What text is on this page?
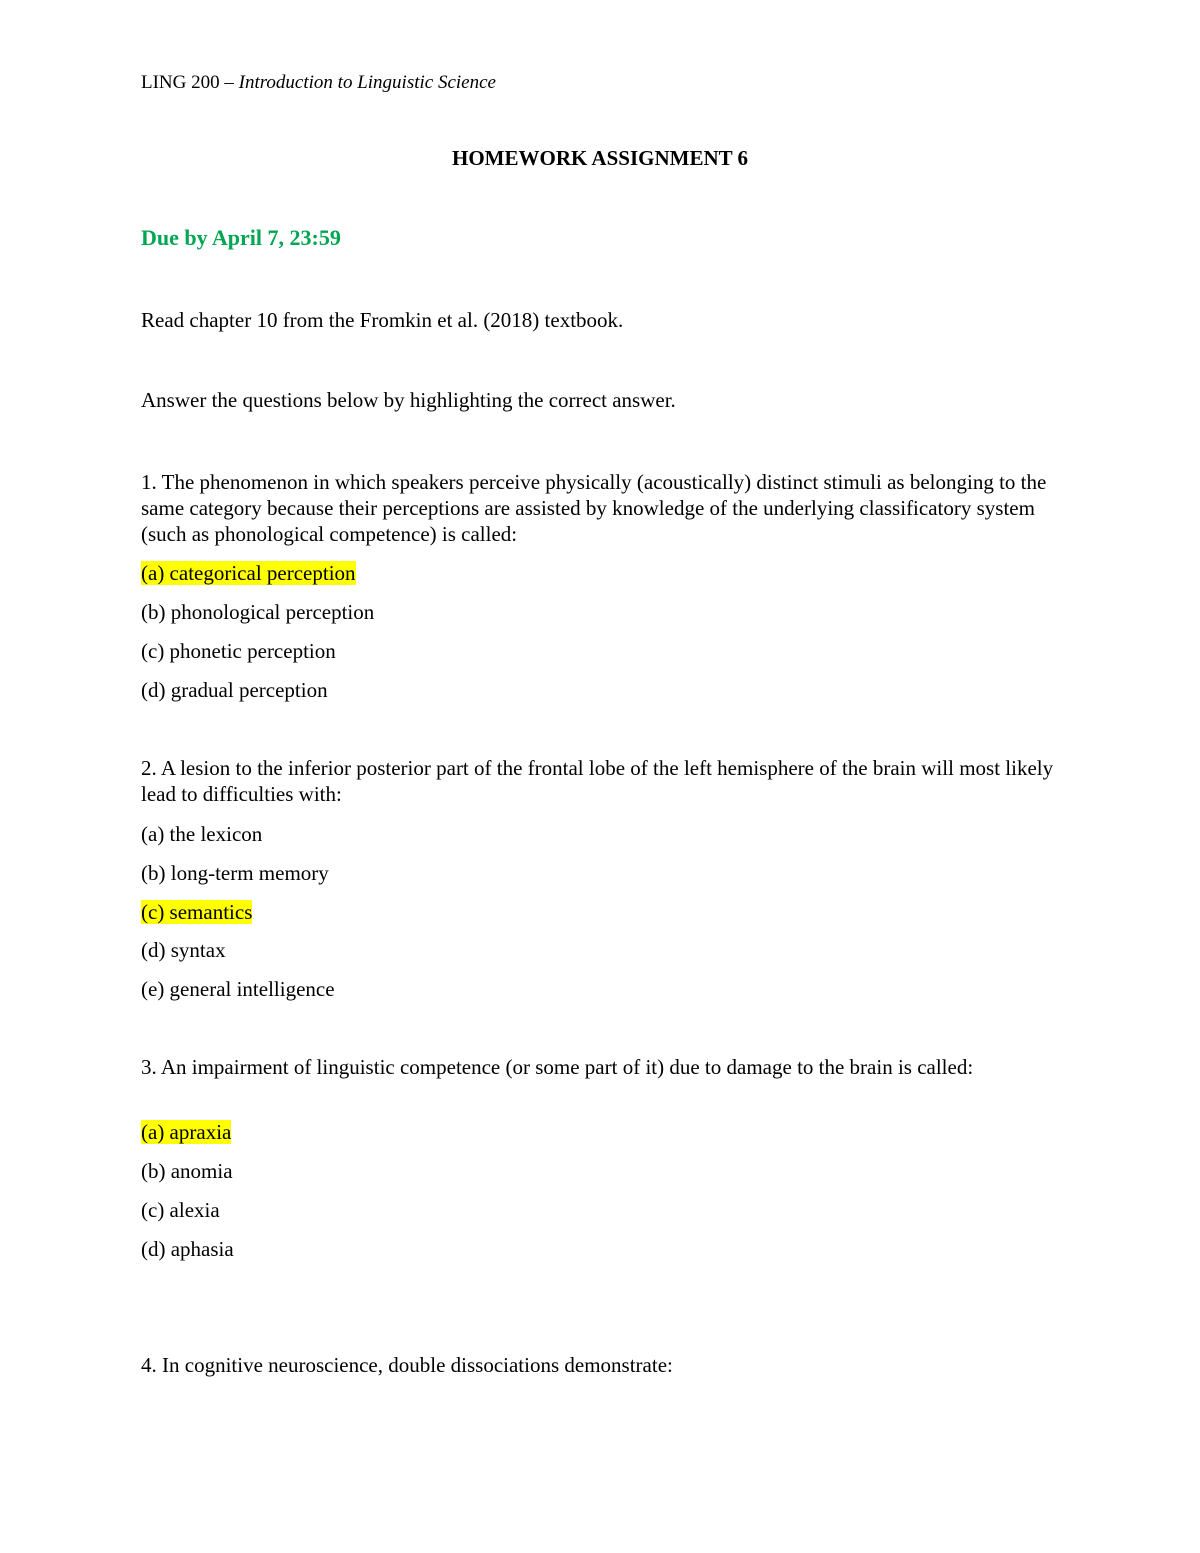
LING 200 – Introduction to Linguistic Science
HOMEWORK ASSIGNMENT 6
Due by April 7, 23:59
Read chapter 10 from the Fromkin et al. (2018) textbook.
Answer the questions below by highlighting the correct answer.
1. The phenomenon in which speakers perceive physically (acoustically) distinct stimuli as belonging to the same category because their perceptions are assisted by knowledge of the underlying classificatory system (such as phonological competence) is called:
(a) categorical perception
(b) phonological perception
(c) phonetic perception
(d) gradual perception
2. A lesion to the inferior posterior part of the frontal lobe of the left hemisphere of the brain will most likely lead to difficulties with:
(a) the lexicon
(b) long-term memory
(c) semantics
(d) syntax
(e) general intelligence
3. An impairment of linguistic competence (or some part of it) due to damage to the brain is called:
(a) apraxia
(b) anomia
(c) alexia
(d) aphasia
4. In cognitive neuroscience, double dissociations demonstrate:
